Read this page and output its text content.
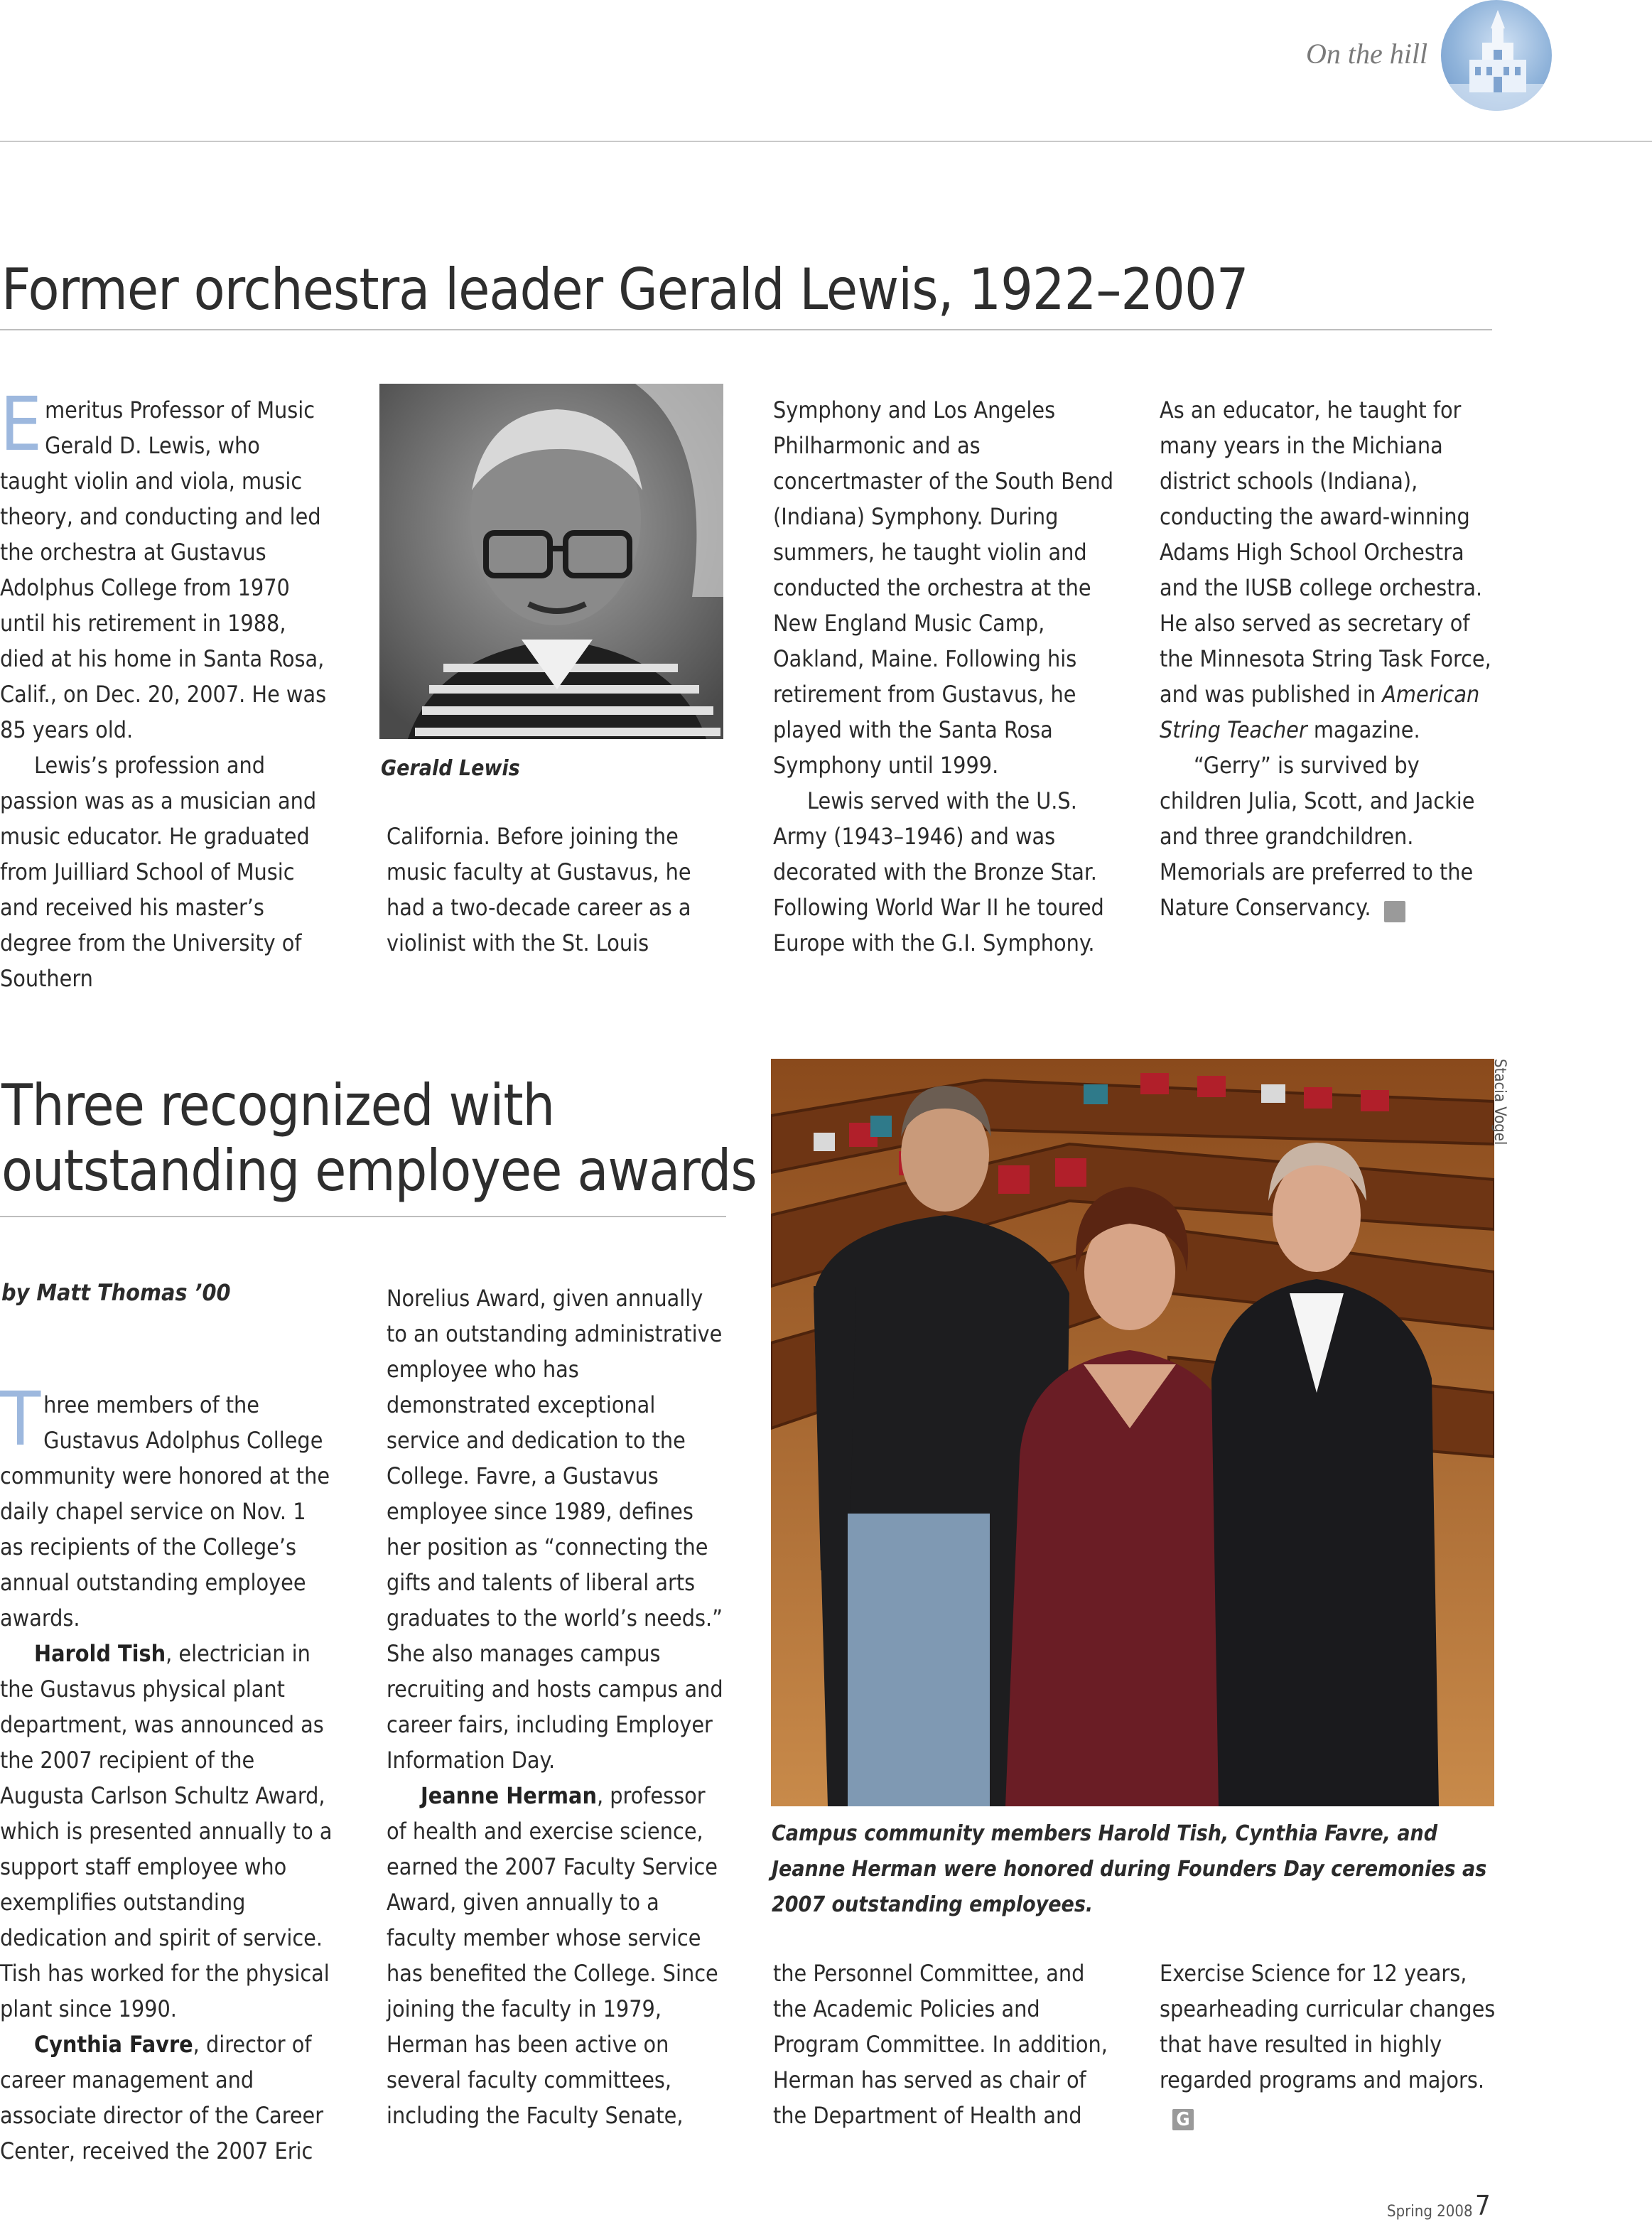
On the hill
Former orchestra leader Gerald Lewis, 1922–2007

Emeritus Professor of Music Gerald D. Lewis, who taught violin and viola, music theory, and conducting and led the orchestra at Gustavus Adolphus College from 1970 until his retirement in 1988, died at his home in Santa Rosa, Calif., on Dec. 20, 2007. He was 85 years old.

Lewis’s profession and passion was as a musician and music educator. He graduated from Juilliard School of Music and received his master’s degree from the University of Southern

Gerald Lewis

California. Before joining the music faculty at Gustavus, he had a two-decade career as a violinist with the St. Louis

Symphony and Los Angeles Philharmonic and as concertmaster of the South Bend (Indiana) Symphony. During summers, he taught violin and conducted the orchestra at the New England Music Camp, Oakland, Maine. Following his retirement from Gustavus, he played with the Santa Rosa Symphony until 1999.

Lewis served with the U.S. Army (1943–1946) and was decorated with the Bronze Star. Following World War II he toured Europe with the G.I. Symphony.

As an educator, he taught for many years in the Michiana district schools (Indiana), conducting the award-winning Adams High School Orchestra and the IUSB college orchestra. He also served as secretary of the Minnesota String Task Force, and was published in American String Teacher magazine.

“Gerry” is survived by children Julia, Scott, and Jackie and three grandchildren. Memorials are preferred to the Nature Conservancy.	G

Three recognized with
outstanding employee awards
by Matt Thomas ’00

Three members of the Gustavus Adolphus College community were honored at the daily chapel service on Nov. 1 as recipients of the College’s annual outstanding employee awards.

Harold Tish, electrician in the Gustavus physical plant department, was announced as the 2007 recipient of the Augusta Carlson Schultz Award, which is presented annually to a support staff employee who exemplifies outstanding dedication and spirit of service. Tish has worked for the physical plant since 1990.

Cynthia Favre, director of career management and associate director of the Career Center, received the 2007 Eric

Norelius Award, given annually to an outstanding administrative employee who has demonstrated exceptional service and dedication to the College. Favre, a Gustavus employee since 1989, defines her position as “connecting the gifts and talents of liberal arts graduates to the world’s needs.” She also manages campus recruiting and hosts campus and career fairs, including Employer Information Day.

Jeanne Herman, professor of health and exercise science, earned the 2007 Faculty Service Award, given annually to a faculty member whose service has benefited the College. Since joining the faculty in 1979, Herman has been active on several faculty committees, including the Faculty Senate,

Stacia Vogel
Campus community members Harold Tish, Cynthia Favre, and Jeanne Herman were honored during Founders Day ceremonies as 2007 outstanding employees.

the Personnel Committee, and the Academic Policies and Program Committee. In addition, Herman has served as chair of the Department of Health and

Exercise Science for 12 years, spearheading curricular changes that have resulted in highly regarded programs and majors.G

Spring 2008 7
